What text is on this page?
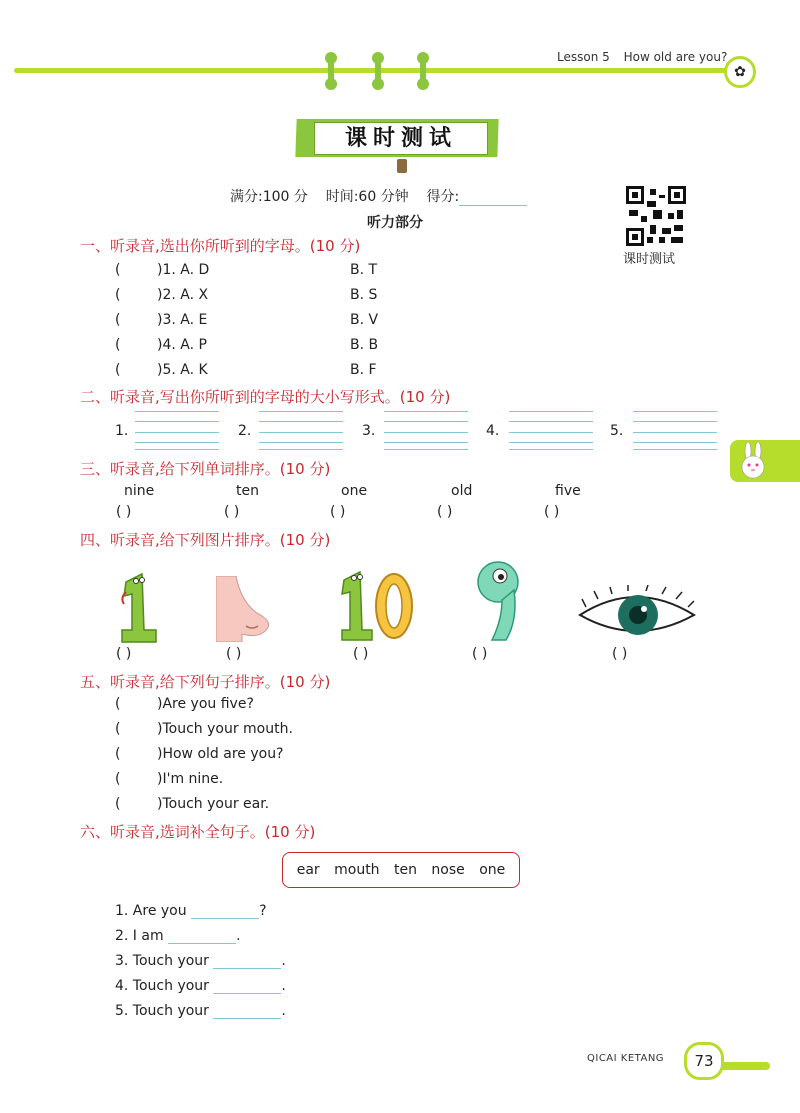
Lesson 5 How old are you?
✿
课时测试
满分:100 分 时间:60 分钟 得分:
听力部分
课时测试
一、听录音,选出你所听到的字母。(10 分)
(	)1. A. D	B. T
(	)2. A. X	B. S
(	)3. A. E	B. V
(	)4. A. P	B. B
(	)5. A. K	B. F
二、听录音,写出你所听到的字母的大小写形式。(10 分)
1.	2.	3.	4.	5.
三、听录音,给下列单词排序。(10 分)
nine	ten	one	old	five
( )	( )	( )	( )	( )
四、听录音,给下列图片排序。(10 分)
( )	( )	( )	( )	( )
五、听录音,给下列句子排序。(10 分)
(	)Are you five?
(	)Touch your mouth.
(	)How old are you?
(	)I'm nine.
(	)Touch your ear.
六、听录音,选词补全句子。(10 分)
ear mouth ten nose one
1. Are you	?
2. I am	.
3. Touch your	.
4. Touch your	.
5. Touch your	.
QICAI KETANG	73
